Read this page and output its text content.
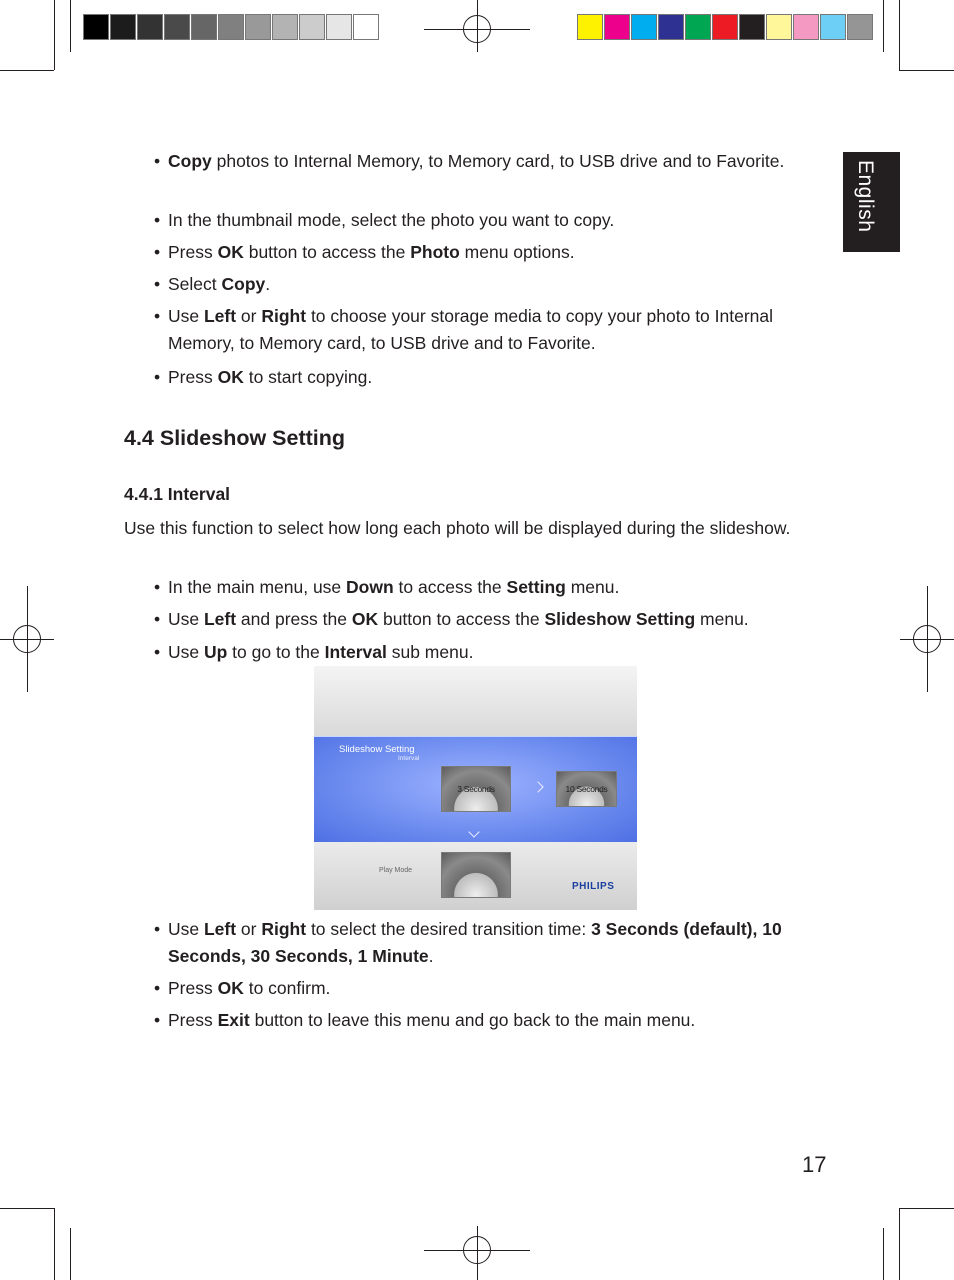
English
• Copy photos to Internal Memory, to Memory card, to USB drive and to Favorite.
• In the thumbnail mode, select the photo you want to copy.
• Press OK button to access the Photo menu options.
• Select Copy.
• Use Left or Right to choose your storage media to copy your photo to Internal Memory, to Memory card, to USB drive and to Favorite.
• Press OK to start copying.
4.4 Slideshow Setting
4.4.1 Interval
Use this function to select how long each photo will be displayed during the slideshow.
• In the main menu, use Down to access the Setting menu.
• Use Left and press the OK button to access the Slideshow Setting menu.
• Use Up to go to the Interval sub menu.
Slideshow Setting
Interval
3 Seconds	10 Seconds
Play Mode
PHILIPS
• Use Left or Right to select the desired transition time: 3 Seconds (default), 10 Seconds, 30 Seconds, 1 Minute.
• Press OK to confirm.
• Press Exit button to leave this menu and go back to the main menu.
17
